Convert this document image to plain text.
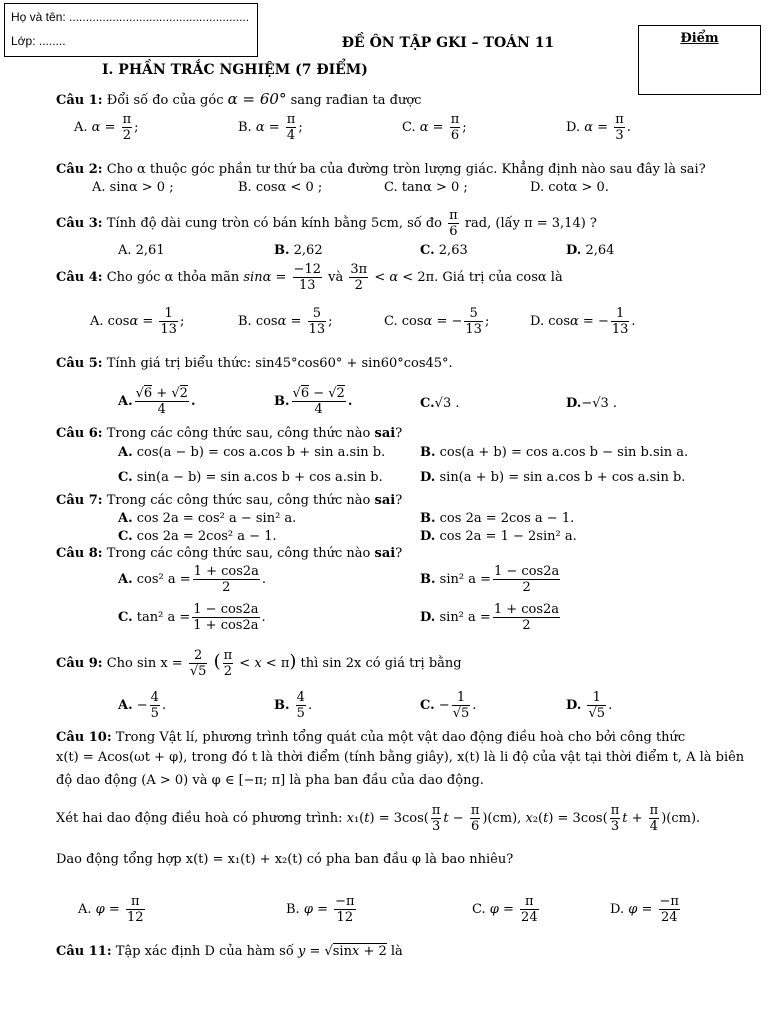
Họ và tên: ......................................................
Lớp: ........	ĐỀ ÔN TẬP GKI – TOÁN 11	Điểm
I. PHẦN TRẮC NGHIỆM (7 ĐIỂM)
Câu 1: Đổi số đo của góc α = 60° sang rađian ta được
A. $\alpha = \frac{\pi}{2}$ ;	B. $\alpha = \frac{\pi}{4}$ ;	C. $\alpha = \frac{\pi}{6}$ ;	D. $\alpha = \frac{\pi}{3}$ .
Câu 2: Cho α thuộc góc phần tư thứ ba của đường tròn lượng giác. Khẳng định nào sau đây là sai?
A. sinα > 0 ;	B. cosα < 0 ;	C. tanα > 0 ;	D. cotα > 0.
Câu 3: Tính độ dài cung tròn có bán kính bằng 5cm, số đo $\frac{\pi}{6}$ rad, (lấy π = 3,14) ?
A. 2,61	B. 2,62	C. 2,63	D. 2,64
Câu 4: Cho góc α thỏa mãn $\sin\alpha = \frac{-12}{13}$ và $\frac{3\pi}{2} < \alpha < 2\pi$. Giá trị của cosα là
A. $\cos\alpha = \frac{1}{13}$ ;	B. $\cos\alpha = \frac{5}{13}$ ;	C. cosα = − $\frac{5}{13}$ ;	D. cosα = − $\frac{1}{13}$ .
Câu 5: Tính giá trị biểu thức: sin45°cos60° + sin60°cos45°.
A. $\frac{√6 + √2}{4}$ .	B. $\frac{√6 - √2}{4}$ .	C.√3 .	D.−√3 .
Câu 6: Trong các công thức sau, công thức nào sai?
A. cos(a − b) = cos a.cos b + sin a.sin b.	B. cos(a + b) = cos a.cos b − sin b.sin a.
C. sin(a − b) = sin a.cos b + cos a.sin b.	D. sin(a + b) = sin a.cos b + cos a.sin b.
Câu 7: Trong các công thức sau, công thức nào sai?
A. cos 2a = cos² a − sin² a.	B. cos 2a = 2cos a − 1.
C. cos 2a = 2cos² a − 1.	D. cos 2a = 1 − 2sin² a.
Câu 8: Trong các công thức sau, công thức nào sai?
A. cos² $a = \frac{1 + \cos 2a}{2}$ .	B. sin² $a = \frac{1 - \cos 2a}{2}$
C. tan² $a = \frac{1 - \cos 2a}{1 + \cos 2a}$ .	D. sin² $a = \frac{1 + \cos 2a}{2}$
Câu 9: Cho $\sin x = \frac{2}{√5}$ ( $\frac{\pi}{2} < x < \pi$) thì sin 2x có giá trị bằng
A. − $\frac{4}{5}$ .	B. $\frac{4}{5}$ .	C. − $\frac{1}{√5}$ .	D. $\frac{1}{√5}$ .
Câu 10: Trong Vật lí, phương trình tổng quát của một vật dao động điều hoà cho bởi công thức
x(t) = Acos(ωt + φ), trong đó t là thời điểm (tính bằng giây), x(t) là li độ của vật tại thời điểm t, A là biên
độ dao động (A > 0) và φ ∈ [−π; π] là pha ban đầu của dao động.
Xét hai dao động điều hoà có phương trình: $x_1(t) = 3\cos( \frac{\pi}{3}$ $t - \frac{\pi}{6} )(cm)$, $x_2(t) = 3\cos( \frac{\pi}{3}$ $t + \frac{\pi}{4} )(cm)$.
Dao động tổng hợp x(t) = x₁(t) + x₂(t) có pha ban đầu φ là bao nhiêu?
A. $\varphi = \frac{\pi}{12}$	B. $\varphi = \frac{-\pi}{12}$	C. $\varphi = \frac{\pi}{24}$	D. $\varphi = \frac{-\pi}{24}$
Câu 11: Tập xác định D của hàm số y = √sinx + 2 là
